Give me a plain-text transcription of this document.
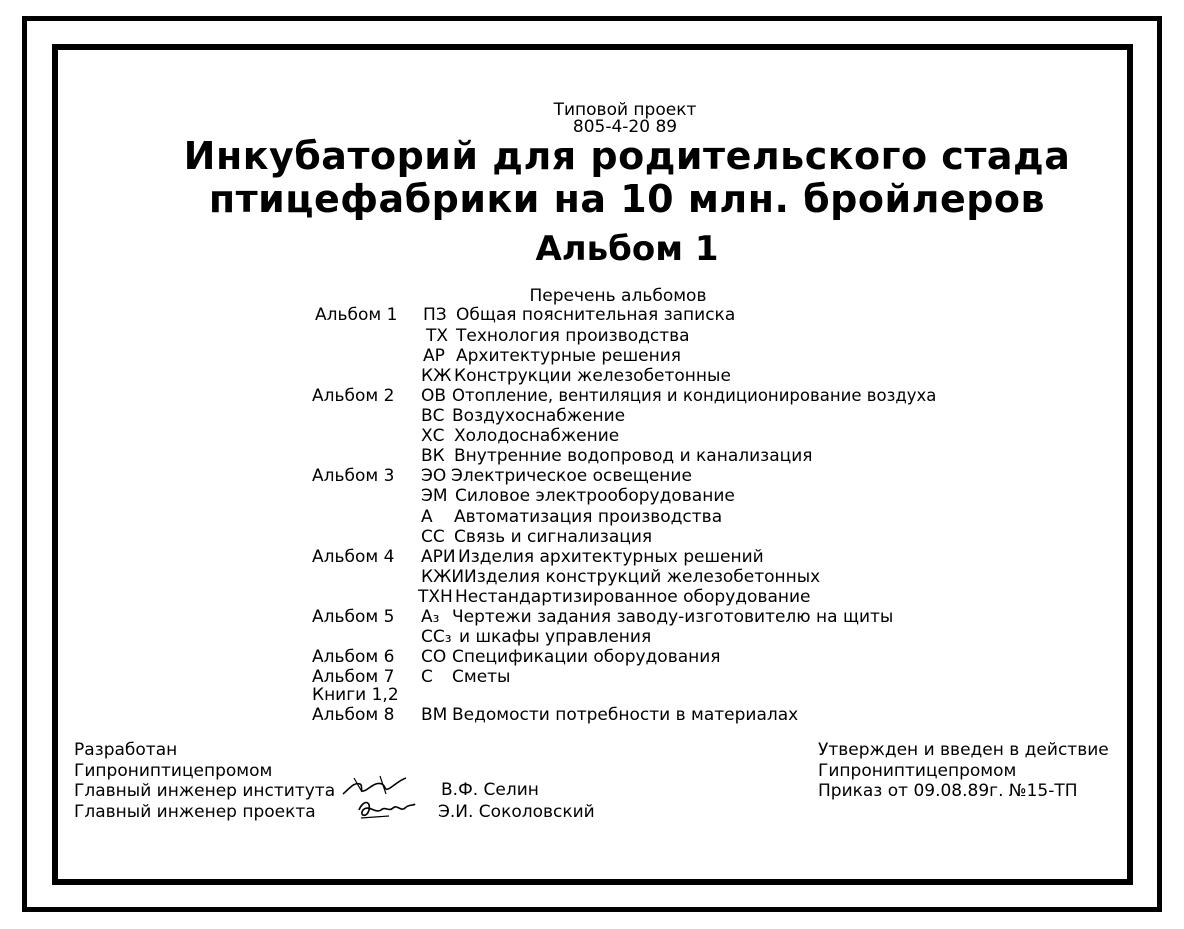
Типовой проект
805-4-20 89
Инкубаторий для родительского стада
птицефабрики на 10 млн. бройлеров
Альбом 1
Перечень альбомов
Альбом 1 ПЗ Общая пояснительная записка
ТХ Технология производства
АР Архитектурные решения
КЖ Конструкции железобетонные
Альбом 2 ОВ Отопление, вентиляция и кондиционирование воздуха
ВС Воздухоснабжение
ХС Холодоснабжение
ВК Внутренние водопровод и канализация
Альбом 3 ЭО Электрическое освещение
ЭМ Силовое электрооборудование
А Автоматизация производства
СС Связь и сигнализация
Альбом 4 АРИ Изделия архитектурных решений
КЖИ Изделия конструкций железобетонных
ТХН Нестандартизированное оборудование
Альбом 5 А₃ Чертежи задания заводу-изготовителю на щиты
СС₃ и шкафы управления
Альбом 6 СО Спецификации оборудования
Альбом 7 С Сметы
Книги 1,2
Альбом 8 ВМ Ведомости потребности в материалах
Разработан
Гипрониптицепромом
Главный инженер института
Главный инженер проекта
В.Ф. Селин
Э.И. Соколовский
Утвержден и введен в действие
Гипрониптицепромом
Приказ от 09.08.89г. №15-ТП
